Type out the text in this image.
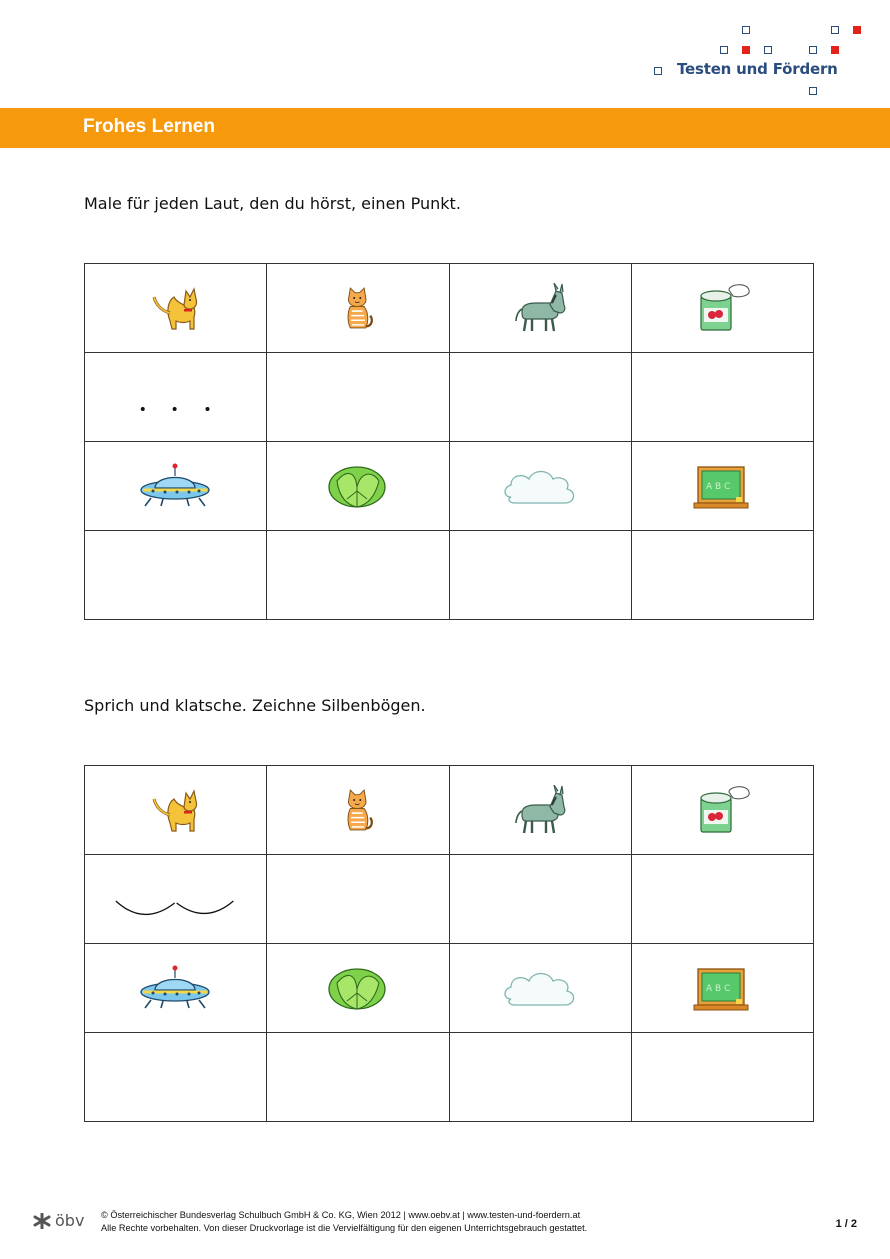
Testen und Fördern
Frohes Lernen
Male für jeden Laut, den du hörst, einen Punkt.

Sprich und klatsche. Zeichne Silbenbögen.

öbv © Österreichischer Bundesverlag Schulbuch GmbH & Co. KG, Wien 2012 | www.oebv.at | www.testen-und-foerdern.at
Alle Rechte vorbehalten. Von dieser Druckvorlage ist die Vervielfältigung für den eigenen Unterrichtsgebrauch gestattet.	1 / 2
